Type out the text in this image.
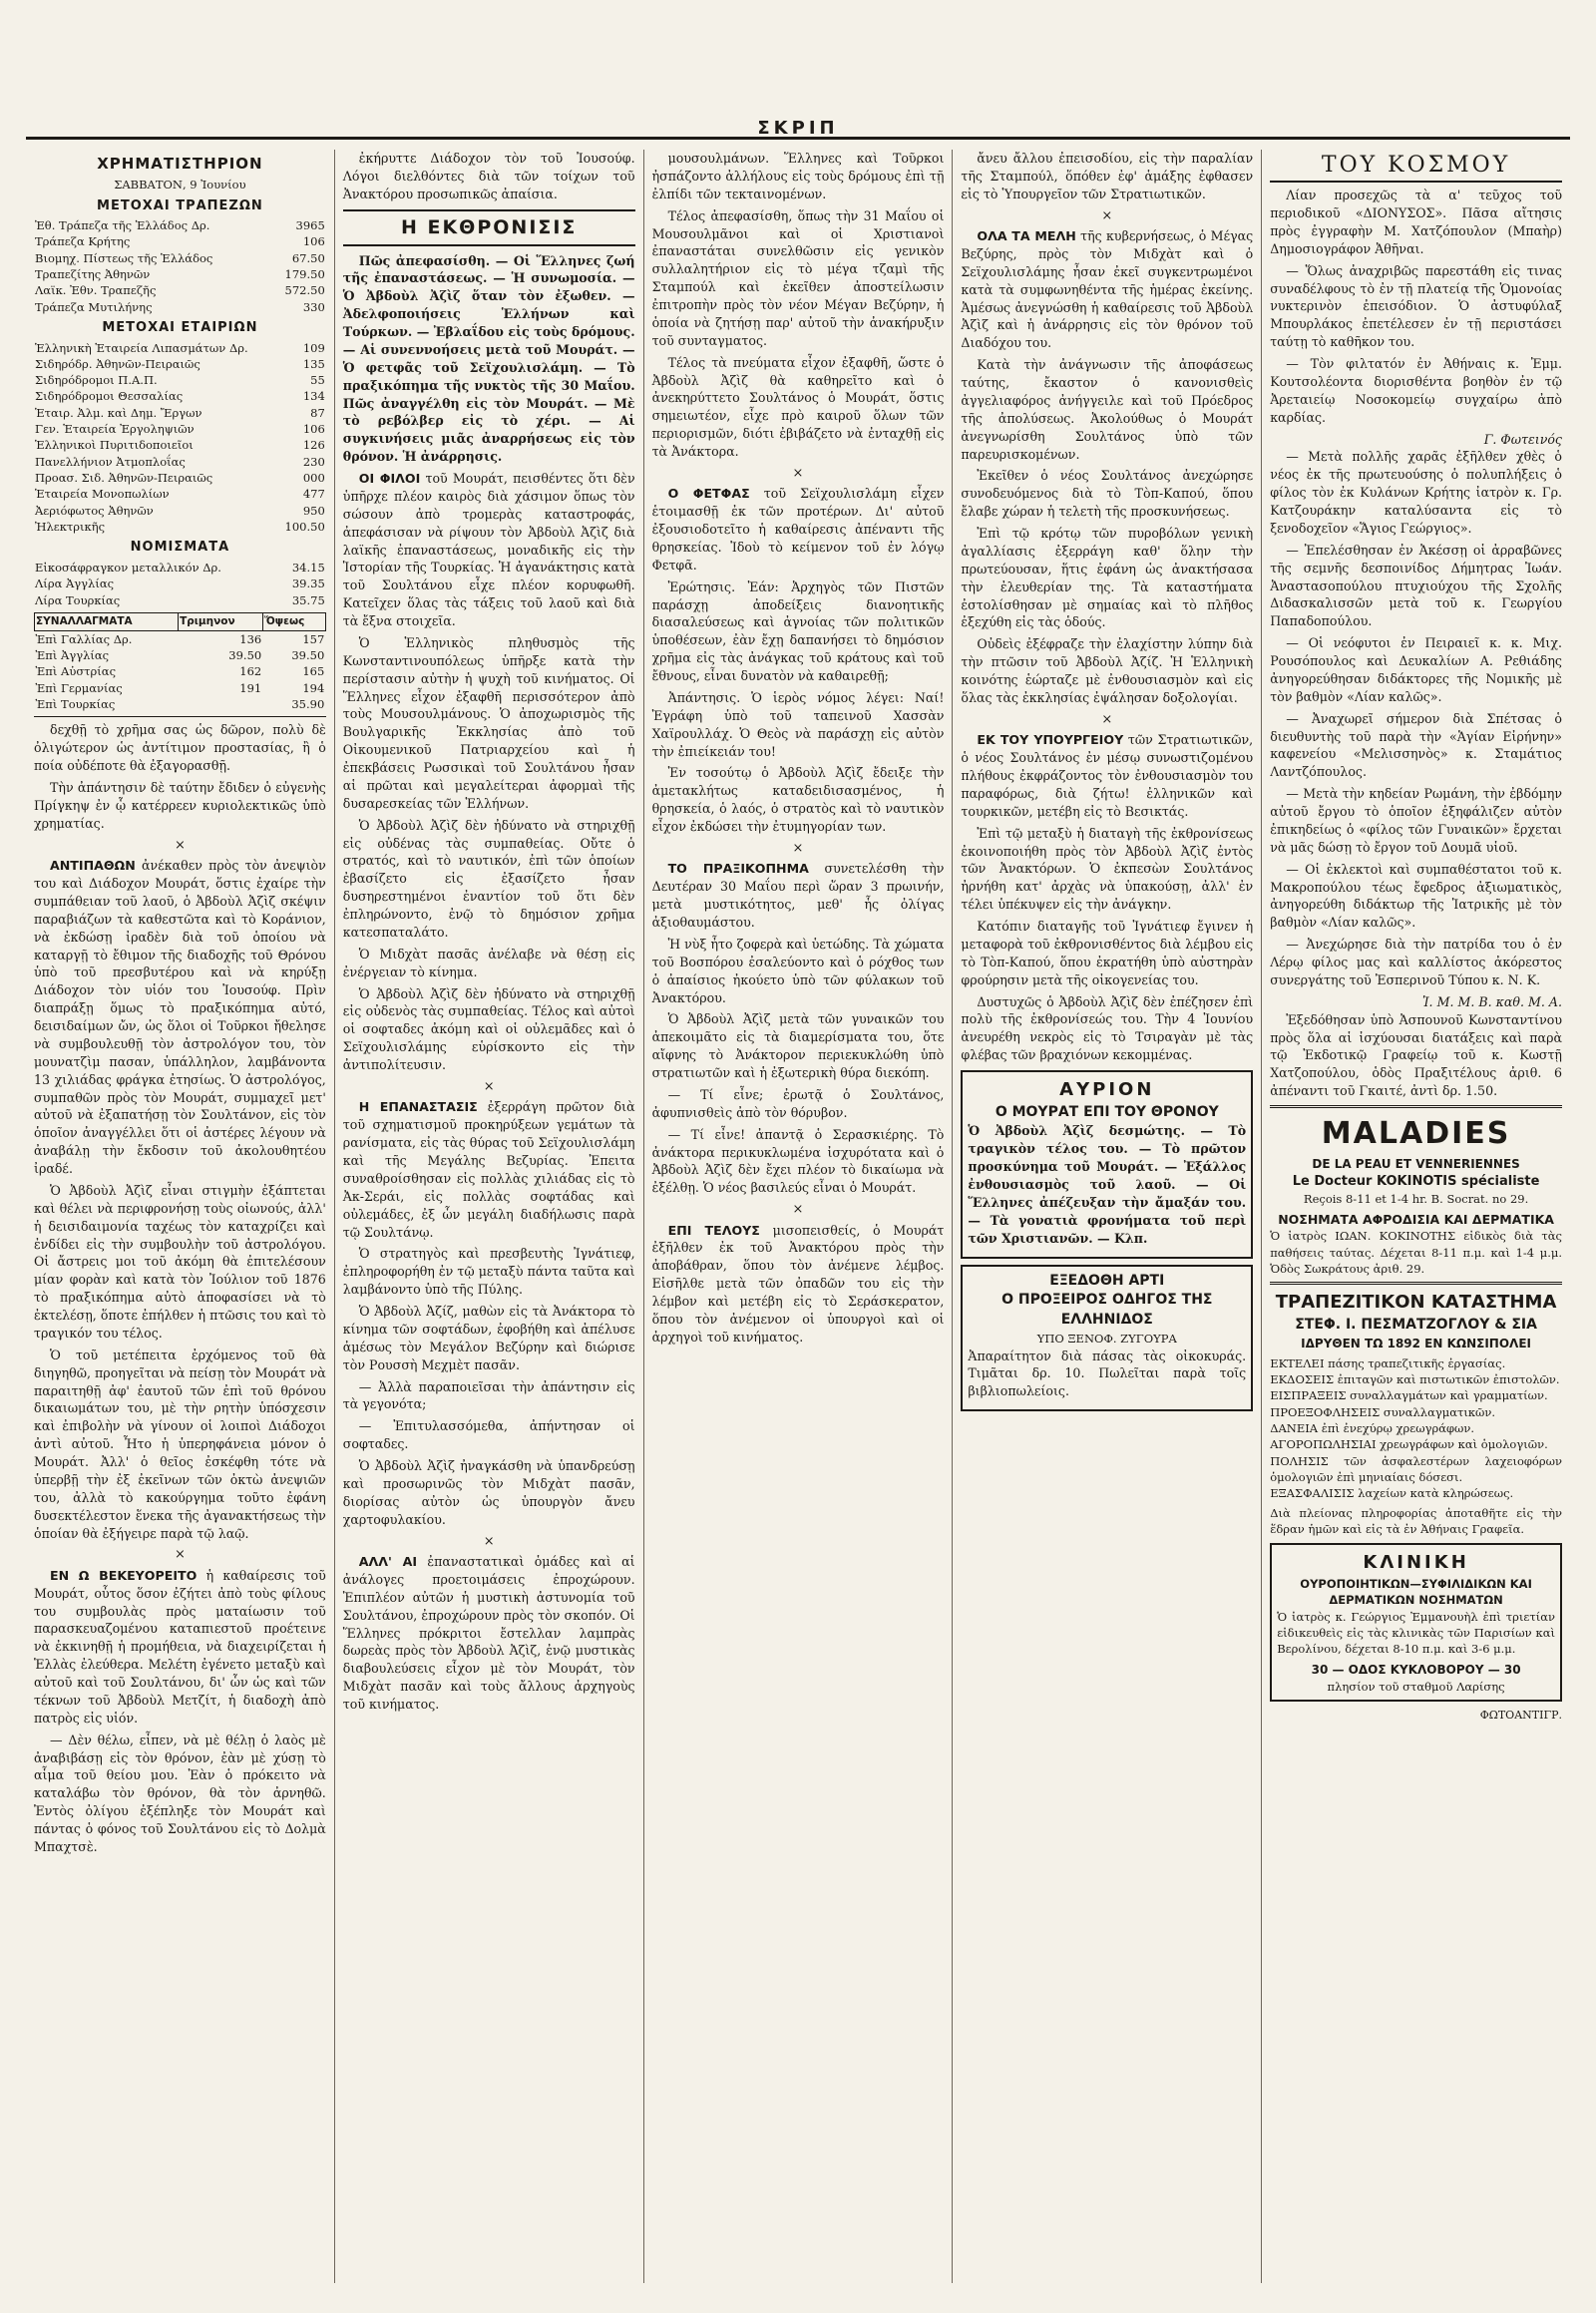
ΣΚΡΙΠ
ΧΡΗΜΑΤΙΣΤΗΡΙΟΝ
ΣΑΒΒΑΤΟΝ, 9 Ἰουνίου
ΜΕΤΟΧΑΙ ΤΡΑΠΕΖΩΝ
Ἐθ. Τράπεζα τῆς Ἑλλάδος Δρ.	3965
Τράπεζα Κρήτης	106
Βιομηχ. Πίστεως τῆς Ἑλλάδος	67.50
Τραπεζίτης Ἀθηνῶν	179.50
Λαϊκ. Ἐθν. Τραπεζῆς	572.50
Τράπεζα Μυτιλήνης	330
ΜΕΤΟΧΑΙ ΕΤΑΙΡΙΩΝ
Ἑλληνικὴ Ἑταιρεία Λιπασμάτων Δρ.	109
Σιδηρόδρ. Ἀθηνῶν-Πειραιῶς	135
Σιδηρόδρομοι Π.Α.Π.	55
Σιδηρόδρομοι Θεσσαλίας	134
Ἑταιρ. Ἀλμ. καὶ Δημ. Ἔργων	87
Γεν. Ἑταιρεία Ἐργοληψιῶν	106
Ἑλληνικοὶ Πυριτιδοποιεῖοι	126
Πανελλήνιον Ἀτμοπλοΐας	230
Προασ. Σιδ. Ἀθηνῶν-Πειραιῶς	000
Ἑταιρεία Μονοπωλίων	477
Ἀεριόφωτος Ἀθηνῶν	950
Ἠλεκτρικῆς	100.50
ΝΟΜΙΣΜΑΤΑ
Εἰκοσάφραγκον μεταλλικόν Δρ.	34.15
Λίρα Ἀγγλίας	39.35
Λίρα Τουρκίας	35.75
ΣΥΝΑΛΛΑΓΜΑΤΑ	Τριμηνον	Ὄψεως
Ἐπὶ Γαλλίας Δρ.	136	157
Ἐπὶ Ἀγγλίας	39.50	39.50
Ἐπὶ Αὐστρίας	162	165
Ἐπὶ Γερμανίας	191	194
Ἐπὶ Τουρκίας		35.90

δεχθῇ τὸ χρῆμα σας ὡς δῶρον, πολὺ δὲ ὀλιγώτερον ὡς ἀντίτιμον προστασίας, ἢ ὁ ποία οὐδέποτε θὰ ἐξαγορασθῇ.

Τὴν ἀπάντησιν δὲ ταύτην ἔδιδεν ὁ εὐγενὴς Πρίγκηψ ἐν ᾧ κατέρρεεν κυριολεκτικῶς ὑπὸ χρηματίας.

×

ΑΝΤΙΠΑΘΩΝ ἀνέκαθεν πρὸς τὸν ἀνεψιὸν του καὶ Διάδοχον Μουράτ, ὅστις ἐχαίρε τὴν συμπάθειαν τοῦ λαοῦ, ὁ Ἀβδοὺλ Ἀζὶζ σκέψιν παραβιάζων τὰ καθεστῶτα καὶ τὸ Κοράνιον, νὰ ἐκδώσῃ ἰραδὲν διὰ τοῦ ὁποίου νὰ καταργῇ τὸ ἔθιμον τῆς διαδοχῆς τοῦ Θρόνου ὑπὸ τοῦ πρεσβυτέρου καὶ νὰ κηρύξῃ Διάδοχον τὸν υἱόν του Ἰουσούφ. Πρὶν διαπράξῃ ὅμως τὸ πραξικόπημα αὐτό, δεισιδαίμων ὤν, ὡς ὅλοι οἱ Τοῦρκοι ἤθελησε νὰ συμβουλευθῇ τὸν ἀστρολόγον του, τὸν μουνατζὶμ πασαν, ὑπάλληλον, λαμβάνοντα 13 χιλιάδας φράγκα ἐτησίως. Ὁ ἀστρολόγος, συμπαθῶν πρὸς τὸν Μουράτ, συμμαχεῖ μετ' αὐτοῦ νὰ ἐξαπατήσῃ τὸν Σουλτάνον, εἰς τὸν ὁποῖον ἀναγγέλλει ὅτι οἱ ἀστέρες λέγουν νὰ ἀναβάλῃ τὴν ἔκδοσιν τοῦ ἀκολουθητέου ἰραδέ.

Ὁ Ἀβδοὺλ Ἀζὶζ εἶναι στιγμὴν ἐξάπτεται καὶ θέλει νὰ περιφρονήσῃ τοὺς οἰωνούς, ἀλλ' ἡ δεισιδαιμονία ταχέως τὸν καταχρίζει καὶ ἐνδίδει εἰς τὴν συμβουλὴν τοῦ ἀστρολόγου. Οἱ ἄστρεις μοι τοῦ ἀκόμη θὰ ἐπιτελέσουν μίαν φορὰν καὶ κατὰ τὸν Ἰούλιον τοῦ 1876 τὸ πραξικόπημα αὐτὸ ἀποφασίσει νὰ τὸ ἐκτελέσῃ, ὅποτε ἐπήλθεν ἡ πτῶσις του καὶ τὸ τραγικόν του τέλος.

Ὁ τοῦ μετέπειτα ἐρχόμενος τοῦ θὰ διηγηθῶ, προηγεῖται νὰ πείσῃ τὸν Μουράτ νὰ παραιτηθῇ ἀφ' ἑαυτοῦ τῶν ἐπὶ τοῦ θρόνου δικαιωμάτων του, μὲ τὴν ρητὴν ὑπόσχεσιν καὶ ἐπιβολὴν νὰ γίνουν οἱ λοιποὶ Διάδοχοι ἀντὶ αὐτοῦ. Ἦτο ἡ ὑπερηφάνεια μόνον ὁ Μουράτ. Ἀλλ' ὁ θεῖος ἐσκέφθη τότε νὰ ὑπερβῇ τὴν ἐξ ἐκεῖνων τῶν ὀκτὼ ἀνεψιῶν του, ἀλλὰ τὸ κακούργημα τοῦτο ἐφάνη δυσεκτέλεστον ἕνεκα τῆς ἀγανακτήσεως τὴν ὁποίαν θὰ ἐξήγειρε παρὰ τῷ λαῷ.

×

ΕΝ Ω ΒΕΚΕΥΟΡΕΙΤΟ ἡ καθαίρεσις τοῦ Μουράτ, οὗτος ὅσον ἐζήτει ἀπὸ τοὺς φίλους του συμβουλὰς πρὸς ματαίωσιν τοῦ παρασκευαζομένου καταπιεστοῦ προέτεινε νὰ ἐκκινηθῇ ἡ προμήθεια, νὰ διαχειρίζεται ἡ Ἑλλὰς ἐλεύθερα. Μελέτη ἐγένετο μεταξὺ καὶ αὐτοῦ καὶ τοῦ Σουλτάνου, δι' ὧν ὡς καὶ τῶν τέκνων τοῦ Ἀβδοὺλ Μετζίτ, ἡ διαδοχὴ ἀπὸ πατρὸς εἰς υἱόν.

— Δὲν θέλω, εἶπεν, νὰ μὲ θέλῃ ὁ λαὸς μὲ ἀναβιβάσῃ εἰς τὸν θρόνον, ἐὰν μὲ χύσῃ τὸ αἷμα τοῦ θείου μου. Ἐὰν ὁ πρόκειτο νὰ καταλάβω τὸν θρόνον, θὰ τὸν ἀρνηθῶ. Ἐντὸς ὀλίγου ἐξέπληξε τὸν Μουράτ καὶ πάντας ὁ φόνος τοῦ Σουλτάνου εἰς τὸ Δολμὰ Μπαχτσὲ.

ἐκήρυττε Διάδοχον τὸν τοῦ Ἰουσούφ. Λόγοι διελθόντες διὰ τῶν τοίχων τοῦ Ἀνακτόρου προσωπικῶς ἀπαίσια.

Η ΕΚΘΡΟΝΙΣΙΣ

Πῶς ἀπεφασίσθη. — Οἱ Ἕλληνες ζωή τῆς ἐπαναστάσεως. — Ἡ συνωμοσία. — Ὁ Ἀβδοὺλ Ἀζὶζ ὅταν τὸν ἐξωθεν. — Ἀδελφοποιήσεις Ἑλλήνων καὶ Τούρκων. — Ἐβλαΐδου εἰς τοὺς δρόμους. — Αἱ συνεννοήσεις μετὰ τοῦ Μουράτ. — Ὁ φετφᾶς τοῦ Σεϊχουλισλάμη. — Τὸ πραξικόπημα τῆς νυκτὸς τῆς 30 Μαΐου. Πῶς ἀναγγέλθη εἰς τὸν Μουράτ. — Μὲ τὸ ρεβόλβερ εἰς τὸ χέρι. — Αἱ συγκινήσεις μιᾶς ἀναρρήσεως εἰς τὸν θρόνον. Ἡ ἀνάρρησις.

ΟΙ ΦΙΛΟΙ τοῦ Μουράτ, πεισθέντες ὅτι δὲν ὑπῆρχε πλέον καιρὸς διὰ χάσιμον ὅπως τὸν σώσουν ἀπὸ τρομερὰς καταστροφάς, ἀπεφάσισαν νὰ ρίψουν τὸν Ἀβδοὺλ Ἀζὶζ διὰ λαϊκῆς ἐπαναστάσεως, μοναδικῆς εἰς τὴν Ἱστορίαν τῆς Τουρκίας. Ἡ ἀγανάκτησις κατὰ τοῦ Σουλτάνου εἶχε πλέον κορυφωθῆ. Κατεῖχεν ὅλας τὰς τάξεις τοῦ λαοῦ καὶ διὰ τὰ ἔξνα στοιχεῖα.

Ὁ Ἑλληνικὸς πληθυσμὸς τῆς Κωνσταντινουπόλεως ὑπῆρξε κατὰ τὴν περίστασιν αὐτὴν ἡ ψυχὴ τοῦ κινήματος. Οἱ Ἕλληνες εἶχον ἐξαφθῆ περισσότερον ἀπὸ τοὺς Μουσουλμάνους. Ὁ ἀποχωρισμὸς τῆς Βουλγαρικῆς Ἐκκλησίας ἀπὸ τοῦ Οἰκουμενικοῦ Πατριαρχείου καὶ ἡ ἐπεκβάσεις Ρωσσικαὶ τοῦ Σουλτάνου ἦσαν αἱ πρῶται καὶ μεγαλείτεραι ἀφορμαὶ τῆς δυσαρεσκείας τῶν Ἑλλήνων.

Ὁ Ἀβδοὺλ Ἀζὶζ δὲν ἠδύνατο νὰ στηριχθῇ εἰς οὐδένας τὰς συμπαθείας. Οὔτε ὁ στρατός, καὶ τὸ ναυτικόν, ἐπὶ τῶν ὁποίων ἐβασίζετο εἰς ἐξασίζετο ἦσαν δυσηρεστημένοι ἐναντίον τοῦ ὅτι δὲν ἐπληρώνοντο, ἐνῷ τὸ δημόσιον χρῆμα κατεσπαταλάτο.

Ὁ Μιδχὰτ πασᾶς ἀνέλαβε νὰ θέσῃ εἰς ἐνέργειαν τὸ κίνημα.

Ὁ Ἀβδοὺλ Ἀζὶζ δὲν ἠδύνατο νὰ στηριχθῇ εἰς οὐδενὸς τὰς συμπαθείας. Τέλος καὶ αὐτοὶ οἱ σοφταδες ἀκόμη καὶ οἱ οὐλεμᾶδες καὶ ὁ Σεϊχουλισλάμης εὑρίσκοντο εἰς τὴν ἀντιπολίτευσιν.

×

Η ΕΠΑΝΑΣΤΑΣΙΣ ἐξερράγη πρῶτον διὰ τοῦ σχηματισμοῦ προκηρύξεων γεμάτων τὰ ρανίσματα, εἰς τὰς θύρας τοῦ Σεϊχουλισλάμη καὶ τῆς Μεγάλης Βεζυρίας. Ἐπειτα συναθροίσθησαν εἰς πολλὰς χιλιάδας εἰς τὸ Ἀκ-Σεράι, εἰς πολλὰς σοφτάδας καὶ οὐλεμάδες, ἐξ ὧν μεγάλη διαδήλωσις παρὰ τῷ Σουλτάνῳ.

Ὁ στρατηγὸς καὶ πρεσβευτὴς Ἰγνάτιεφ, ἐπληροφορήθη ἐν τῷ μεταξὺ πάντα ταῦτα καὶ λαμβάνοντο ὑπὸ τῆς Πύλης.

Ὁ Ἀβδοὺλ Ἀζίζ, μαθὼν εἰς τὰ Ἀνάκτορα τὸ κίνημα τῶν σοφτάδων, ἐφοβήθη καὶ ἀπέλυσε ἀμέσως τὸν Μεγάλον Βεζύρην καὶ διώρισε τὸν Ρουσσὴ Μεχμὲτ πασᾶν.

— Ἀλλὰ παραποιεῖσαι τὴν ἀπάντησιν εἰς τὰ γεγονότα;

— Ἐπιτυλασσόμεθα, ἀπήντησαν οἱ σοφταδες.

Ὁ Ἀβδοὺλ Ἀζὶζ ἠναγκάσθη νὰ ὑπανδρεύσῃ καὶ προσωρινῶς τὸν Μιδχὰτ πασᾶν, διορίσας αὐτὸν ὡς ὑπουργὸν ἄνευ χαρτοφυλακίου.

×

ΑΛΛ' ΑΙ ἐπαναστατικαὶ ὁμάδες καὶ αἱ ἀνάλογες προετοιμάσεις ἐπροχώρουν. Ἐπιπλέον αὐτῶν ἡ μυστικὴ ἀστυνομία τοῦ Σουλτάνου, ἐπροχώρουν πρὸς τὸν σκοπόν. Οἱ Ἕλληνες πρόκριτοι ἔστελλαν λαμπρὰς δωρεὰς πρὸς τὸν Ἀβδοὺλ Ἀζὶζ, ἐνῷ μυστικὰς διαβουλεύσεις εἶχον μὲ τὸν Μουράτ, τὸν Μιδχὰτ πασᾶν καὶ τοὺς ἄλλους ἀρχηγοὺς τοῦ κινήματος.

μουσουλμάνων. Ἕλληνες καὶ Τοῦρκοι ἠσπάζοντο ἀλλήλους εἰς τοὺς δρόμους ἐπὶ τῇ ἐλπίδι τῶν τεκταινομένων.

Τέλος ἀπεφασίσθη, ὅπως τὴν 31 Μαΐου οἱ Μουσουλμᾶνοι καὶ οἱ Χριστιανοὶ ἐπαναστάται συνελθῶσιν εἰς γενικὸν συλλαλητήριον εἰς τὸ μέγα τζαμὶ τῆς Σταμπούλ καὶ ἐκεῖθεν ἀποστείλωσιν ἐπιτροπὴν πρὸς τὸν νέον Μέγαν Βεζύρην, ἡ ὁποία νὰ ζητήσῃ παρ' αὐτοῦ τὴν ἀνακήρυξιν τοῦ συνταγματος.

Τέλος τὰ πνεύματα εἶχον ἐξαφθῆ, ὥστε ὁ Ἀβδοὺλ Ἀζὶζ θὰ καθηρεῖτο καὶ ὁ ἀνεκηρύττετο Σουλτάνος ὁ Μουράτ, ὅστις σημειωτέον, εἶχε πρὸ καιροῦ ὅλων τῶν περιορισμῶν, διότι ἐβιβάζετο νὰ ἐνταχθῇ εἰς τὰ Ἀνάκτορα.

×

Ο ΦΕΤΦΑΣ τοῦ Σεϊχουλισλάμη εἶχεν ἑτοιμασθῇ ἐκ τῶν προτέρων. Δι' αὐτοῦ ἐξουσιοδοτεῖτο ἡ καθαίρεσις ἀπέναντι τῆς θρησκείας. Ἰδοὺ τὸ κείμενον τοῦ ἐν λόγῳ Φετφᾶ.

Ἐρώτησις. Ἐάν: Ἀρχηγὸς τῶν Πιστῶν παράσχῃ ἀποδείξεις διανοητικῆς διασαλεύσεως καὶ ἀγνοίας τῶν πολιτικῶν ὑποθέσεων, ἐὰν ἔχῃ δαπανήσει τὸ δημόσιον χρῆμα εἰς τὰς ἀνάγκας τοῦ κράτους καὶ τοῦ ἔθνους, εἶναι δυνατὸν νὰ καθαιρεθῇ;

Ἀπάντησις. Ὁ ἱερὸς νόμος λέγει: Ναί! Ἐγράφη ὑπὸ τοῦ ταπεινοῦ Χασσὰν Χαϊρουλλάχ. Ὁ Θεὸς νὰ παράσχῃ εἰς αὐτὸν τὴν ἐπιείκειάν του!

Ἐν τοσούτῳ ὁ Ἀβδοὺλ Ἀζὶζ ἔδειξε τὴν ἀμετακλήτως καταδειδισασμένος, ἡ θρησκεία, ὁ λαός, ὁ στρατὸς καὶ τὸ ναυτικὸν εἶχον ἐκδώσει τὴν ἐτυμηγορίαν των.

×

ΤΟ ΠΡΑΞΙΚΟΠΗΜΑ συνετελέσθη τὴν Δευτέραν 30 Μαΐου περὶ ὥραν 3 πρωινήν, μετὰ μυστικότητος, μεθ' ἧς ὀλίγας ἀξιοθαυμάστου.

Ἡ νὺξ ἦτο ζοφερὰ καὶ ὑετώδης. Τὰ χώματα τοῦ Βοσπόρου ἐσαλεύοντο καὶ ὁ ρόχθος των ὁ ἀπαίσιος ἠκούετο ὑπὸ τῶν φύλακων τοῦ Ἀνακτόρου.

Ὁ Ἀβδοὺλ Ἀζὶζ μετὰ τῶν γυναικῶν του ἀπεκοιμᾶτο εἰς τὰ διαμερίσματα του, ὅτε αἴφνης τὸ Ἀνάκτορον περιεκυκλώθη ὑπὸ στρατιωτῶν καὶ ἡ ἐξωτερικὴ θύρα διεκόπη.

— Τί εἶνε; ἐρωτᾷ ὁ Σουλτάνος, ἀφυπνισθεὶς ἀπὸ τὸν θόρυβον.

— Τί εἶνε! ἀπαντᾷ ὁ Σερασκιέρης. Τὸ ἀνάκτορα περικυκλωμένα ἰσχυρότατα καὶ ὁ Ἀβδοὺλ Ἀζὶζ δὲν ἔχει πλέον τὸ δικαίωμα νὰ ἐξέλθῃ. Ὁ νέος βασιλεύς εἶναι ὁ Μουράτ.

×

ΕΠΙ ΤΕΛΟΥΣ μισοπεισθείς, ὁ Μουράτ ἐξῆλθεν ἐκ τοῦ Ἀνακτόρου πρὸς τὴν ἀποβάθραν, ὅπου τὸν ἀνέμενε λέμβος. Εἰσῆλθε μετὰ τῶν ὀπαδῶν του εἰς τὴν λέμβον καὶ μετέβη εἰς τὸ Σεράσκερατον, ὅπου τὸν ἀνέμενον οἱ ὑπουργοὶ καὶ οἱ ἀρχηγοὶ τοῦ κινήματος.

ἄνευ ἄλλου ἐπεισοδίου, εἰς τὴν παραλίαν τῆς Σταμπούλ, ὅπόθεν ἐφ' ἁμάξης ἐφθασεν εἰς τὸ Ὑπουργεῖον τῶν Στρατιωτικῶν.

×

ΟΛΑ ΤΑ ΜΕΛΗ τῆς κυβερνήσεως, ὁ Μέγας Βεζύρης, πρὸς τὸν Μιδχὰτ καὶ ὁ Σεϊχουλισλάμης ἦσαν ἐκεῖ συγκεντρωμένοι κατὰ τὰ συμφωνηθέντα τῆς ἡμέρας ἐκείνης. Ἀμέσως ἀνεγνώσθη ἡ καθαίρεσις τοῦ Ἀβδοὺλ Ἀζὶζ καὶ ἡ ἀνάρρησις εἰς τὸν θρόνον τοῦ Διαδόχου του.

Κατὰ τὴν ἀνάγνωσιν τῆς ἀποφάσεως ταύτης, ἔκαστον ὁ κανονισθεὶς ἀγγελιαφόρος ἀνήγγειλε καὶ τοῦ Πρόεδρος τῆς ἀπολύσεως. Ἀκολούθως ὁ Μουράτ ἀνεγνωρίσθη Σουλτάνος ὑπὸ τῶν παρευρισκομένων.

Ἐκεῖθεν ὁ νέος Σουλτάνος ἀνεχώρησε συνοδευόμενος διὰ τὸ Τὸπ-Καπού, ὅπου ἔλαβε χώραν ἡ τελετὴ τῆς προσκυνήσεως.

Ἐπὶ τῷ κρότῳ τῶν πυροβόλων γενικὴ ἀγαλλίασις ἐξερράγη καθ' ὅλην τὴν πρωτεύουσαν, ἥτις ἐφάνη ὡς ἀνακτήσασα τὴν ἐλευθερίαν της. Τὰ καταστήματα ἐστολίσθησαν μὲ σημαίας καὶ τὸ πλῆθος ἐξεχύθη εἰς τὰς ὁδούς.

Οὐδεὶς ἐξέφραζε τὴν ἐλαχίστην λύπην διὰ τὴν πτῶσιν τοῦ Ἀβδοὺλ Ἀζίζ. Ἡ Ἑλληνικὴ κοινότης ἑώρταζε μὲ ἐνθουσιασμὸν καὶ εἰς ὅλας τὰς ἐκκλησίας ἐψάλησαν δοξολογίαι.

×

ΕΚ ΤΟΥ ΥΠΟΥΡΓΕΙΟΥ τῶν Στρατιωτικῶν, ὁ νέος Σουλτάνος ἐν μέσῳ συνωστιζομένου πλήθους ἐκφράζοντος τὸν ἐνθουσιασμὸν του παραφόρως, διὰ ζήτω! ἐλληνικῶν καὶ τουρκικῶν, μετέβη εἰς τὸ Βεσικτάς.

Ἐπὶ τῷ μεταξὺ ἡ διαταγὴ τῆς ἐκθρονίσεως ἐκοινοποιήθη πρὸς τὸν Ἀβδοὺλ Ἀζὶζ ἐντὸς τῶν Ἀνακτόρων. Ὁ ἐκπεσὼν Σουλτάνος ἠρνήθη κατ' ἀρχὰς νὰ ὑπακούσῃ, ἀλλ' ἐν τέλει ὑπέκυψεν εἰς τὴν ἀνάγκην.

Κατόπιν διαταγῆς τοῦ Ἰγνάτιεφ ἔγινεν ἡ μεταφορὰ τοῦ ἐκθρονισθέντος διὰ λέμβου εἰς τὸ Τὸπ-Καπού, ὅπου ἐκρατήθη ὑπὸ αὐστηρὰν φρούρησιν μετὰ τῆς οἰκογενείας του.

Δυστυχῶς ὁ Ἀβδοὺλ Ἀζὶζ δὲν ἐπέζησεν ἐπὶ πολὺ τῆς ἐκθρονίσεώς του. Τὴν 4 Ἰουνίου ἀνευρέθη νεκρὸς εἰς τὸ Τσιραγὰν μὲ τὰς φλέβας τῶν βραχιόνων κεκομμένας.

ΑΥΡΙΟΝ
Ο ΜΟΥΡΑΤ ΕΠΙ ΤΟΥ ΘΡΟΝΟΥ

Ὁ Ἀβδοὺλ Ἀζὶζ δεσμώτης. — Τὸ τραγικὸν τέλος του. — Τὸ πρῶτον προσκύνημα τοῦ Μουράτ. — Ἐξάλλος ἐνθουσιασμὸς τοῦ λαοῦ. — Οἱ Ἕλληνες ἀπέζευξαν τὴν ἄμαξάν του. — Τὰ γονατιὰ φρονήματα τοῦ περὶ τῶν Χριστιανῶν. — Κλπ.

ΕΞΕΔΟΘΗ ΑΡΤΙ
Ο ΠΡΟΞΕΙΡΟΣ ΟΔΗΓΟΣ ΤΗΣ ΕΛΛΗΝΙΔΟΣ
ΥΠΟ ΞΕΝΟΦ. ΖΥΓΟΥΡΑ

Ἀπαραίτητον διὰ πάσας τὰς οἰκοκυράς. Τιμᾶται δρ. 10. Πωλεῖται παρὰ τοῖς βιβλιοπωλείοις.

ΤΟΥ ΚΟΣΜΟΥ

Λίαν προσεχῶς τὰ α' τεῦχος τοῦ περιοδικοῦ «ΔΙΟΝΥΣΟΣ». Πᾶσα αἴτησις πρὸς ἐγγραφὴν Μ. Χατζόπουλον (Μπαὴρ) Δημοσιογράφον Ἀθῆναι.

— Ὅλως ἀναχριβῶς παρεστάθη εἰς τινας συναδέλφους τὸ ἐν τῇ πλατείᾳ τῆς Ὁμονοίας νυκτερινὸν ἐπεισόδιον. Ὁ ἀστυφύλαξ Μπουρλάκος ἐπετέλεσεν ἐν τῇ περιστάσει ταύτῃ τὸ καθῆκον του.

— Τὸν φιλτατόν ἐν Ἀθήναις κ. Ἐμμ. Κουτσολέοντα διορισθέντα βοηθὸν ἐν τῷ Ἀρεταιείῳ Νοσοκομείῳ συγχαίρω ἀπὸ καρδίας.

Γ. Φωτεινός

— Μετὰ πολλῆς χαρᾶς ἐξῆλθεν χθὲς ὁ νέος ἐκ τῆς πρωτευούσης ὁ πολυπλήξεις ὁ φίλος τὸν ἐκ Κυλάνων Κρήτης ἰατρὸν κ. Γρ. Κατζουράκην καταλύσαντα εἰς τὸ ξενοδοχεῖον «Ἅγιος Γεώργιος».

— Ἐπελέσθησαν ἐν Ἀκέσσῃ οἱ ἀρραβῶνες τῆς σεμνῆς δεσποινίδος Δήμητρας Ἰωάν. Ἀναστασοπούλου πτυχιούχου τῆς Σχολῆς Διδασκαλισσῶν μετὰ τοῦ κ. Γεωργίου Παπαδοπούλου.

— Οἱ νεόφυτοι ἐν Πειραιεῖ κ. κ. Μιχ. Ρουσόπουλος καὶ Δευκαλίων Α. Ρεθιάδης ἀνηγορεύθησαν διδάκτορες τῆς Νομικῆς μὲ τὸν βαθμὸν «Λίαν καλῶς».

— Ἀναχωρεῖ σήμερον διὰ Σπέτσας ὁ διευθυντὴς τοῦ παρὰ τὴν «Ἁγίαν Εἰρήνην» καφενείου «Μελισσηνὸς» κ. Σταμάτιος Λαντζόπουλος.

— Μετὰ τὴν κηδείαν Ρωμάνη, τὴν ἐβδόμην αὐτοῦ ἔργου τὸ ὁποῖον ἐξηφάλιζεν αὐτὸν ἐπικηδείως ὁ «φίλος τῶν Γυναικῶν» ἔρχεται νὰ μᾶς δώσῃ τὸ ἔργον τοῦ Δουμᾶ υἱοῦ.

— Οἱ ἐκλεκτοὶ καὶ συμπαθέστατοι τοῦ κ. Μακροπούλου τέως ἔφεδρος ἀξιωματικὸς, ἀνηγορεύθη διδάκτωρ τῆς Ἰατρικῆς μὲ τὸν βαθμὸν «Λίαν καλῶς».

— Ἀνεχώρησε διὰ τὴν πατρίδα του ὁ ἐν Λέρῳ φίλος μας καὶ καλλίστος ἀκόρεστος συνεργάτης τοῦ Ἐσπερινοῦ Τύπου κ. Ν. Κ.

Ἰ. Μ. Μ. Β. καθ. Μ. Α.

Ἐξεδόθησαν ὑπὸ Ἀσπουνοῦ Κωνσταντίνου πρὸς ὅλα αἱ ἰσχύουσαι διατάξεις καὶ παρὰ τῷ Ἐκδοτικῷ Γραφείῳ τοῦ κ. Κωστῇ Χατζοπούλου, ὁδὸς Πραξιτέλους ἀριθ. 6 ἀπέναντι τοῦ Γκαιτέ, ἀντὶ δρ. 1.50.

MALADIES
DE LA PEAU ET VENNERIENNES
Le Docteur KOKINOTIS spécialiste
Reçois 8-11 et 1-4 hr. B. Socrat. no 29.
ΝΟΣΗΜΑΤΑ ΑΦΡΟΔΙΣΙΑ ΚΑΙ ΔΕΡΜΑΤΙΚΑ

Ὁ ἰατρὸς ΙΩΑΝ. ΚΟΚΙΝΟΤΗΣ εἰδικὸς διὰ τὰς παθήσεις ταύτας. Δέχεται 8-11 π.μ. καὶ 1-4 μ.μ. Ὁδὸς Σωκράτους ἀριθ. 29.

ΤΡΑΠΕΖΙΤΙΚΟΝ ΚΑΤΑΣΤΗΜΑ
ΣΤΕΦ. Ι. ΠΕΣΜΑΤΖΟΓΛΟΥ & ΣΙΑ
ΙΔΡΥΘΕΝ ΤΩ 1892 ΕΝ ΚΩΝΣΙΠΟΛΕΙ
ΕΚΤΕΛΕΙ πάσης τραπεζιτικῆς ἐργασίας.
ΕΚΔΟΣΕΙΣ ἐπιταγῶν καὶ πιστωτικῶν ἐπιστολῶν.
ΕΙΣΠΡΑΞΕΙΣ συναλλαγμάτων καὶ γραμματίων.
ΠΡΟΕΞΟΦΛΗΣΕΙΣ συναλλαγματικῶν.
ΔΑΝΕΙΑ ἐπὶ ἐνεχύρῳ χρεωγράφων.
ΑΓΟΡΟΠΩΛΗΣΙΑΙ χρεωγράφων καὶ ὁμολογιῶν.
ΠΟΛΗΣΙΣ τῶν ἀσφαλεστέρων λαχειοφόρων ὁμολογιῶν ἐπὶ μηνιαίαις δόσεσι.
ΕΞΑΣΦΑΛΙΣΙΣ λαχείων κατὰ κληρώσεως.

Διὰ πλείονας πληροφορίας ἀποταθῆτε εἰς τὴν ἕδραν ἡμῶν καὶ εἰς τὰ ἐν Ἀθήναις Γραφεῖα.

ΚΛΙΝΙΚΗ
ΟΥΡΟΠΟΙΗΤΙΚΩΝ—ΣΥΦΙΛΙΔΙΚΩΝ ΚΑΙ ΔΕΡΜΑΤΙΚΩΝ ΝΟΣΗΜΑΤΩΝ

Ὁ ἰατρὸς κ. Γεώργιος Ἐμμανουὴλ ἐπὶ τριετίαν εἰδικευθεὶς εἰς τὰς κλινικὰς τῶν Παρισίων καὶ Βερολίνου, δέχεται 8-10 π.μ. καὶ 3-6 μ.μ.

30 — ΟΔΟΣ ΚΥΚΛΟΒΟΡΟΥ — 30
πλησίον τοῦ σταθμοῦ Λαρίσης
ΦΩΤΟΑΝΤΙΓΡ.
